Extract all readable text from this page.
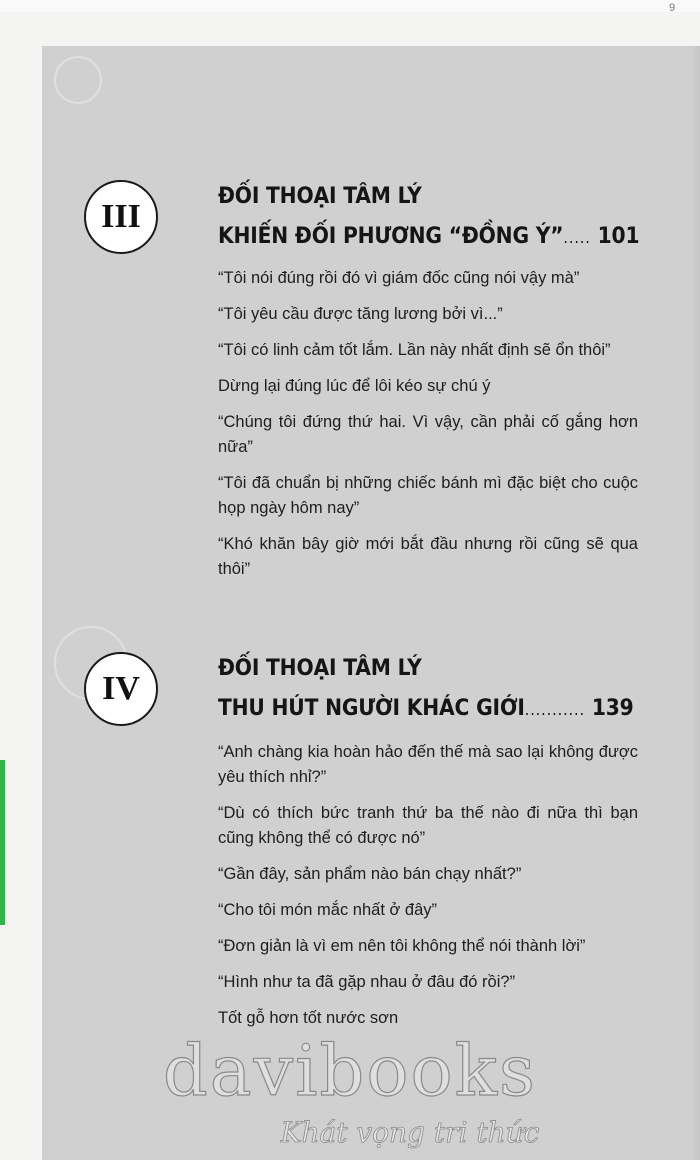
9
III
ĐỐI THOẠI TÂM LÝ
KHIẾN ĐỐI PHƯƠNG “ĐỒNG Ý”..... 101
“Tôi nói đúng rồi đó vì giám đốc cũng nói vậy mà”
“Tôi yêu cầu được tăng lương bởi vì...”
“Tôi có linh cảm tốt lắm. Lần này nhất định sẽ ổn thôi”
Dừng lại đúng lúc để lôi kéo sự chú ý
“Chúng tôi đứng thứ hai. Vì vậy, cần phải cố gắng hơn nữa”
“Tôi đã chuẩn bị những chiếc bánh mì đặc biệt cho cuộc họp ngày hôm nay”
“Khó khăn bây giờ mới bắt đầu nhưng rồi cũng sẽ qua thôi”
IV
ĐỐI THOẠI TÂM LÝ
THU HÚT NGƯỜI KHÁC GIỚI........... 139
“Anh chàng kia hoàn hảo đến thế mà sao lại không được yêu thích nhỉ?”
“Dù có thích bức tranh thứ ba thế nào đi nữa thì bạn cũng không thể có được nó”
“Gần đây, sản phẩm nào bán chạy nhất?”
“Cho tôi món mắc nhất ở đây”
“Đơn giản là vì em nên tôi không thể nói thành lời”
“Hình như ta đã gặp nhau ở đâu đó rồi?”
Tốt gỗ hơn tốt nước sơn
davibooks
Khát vọng tri thức
